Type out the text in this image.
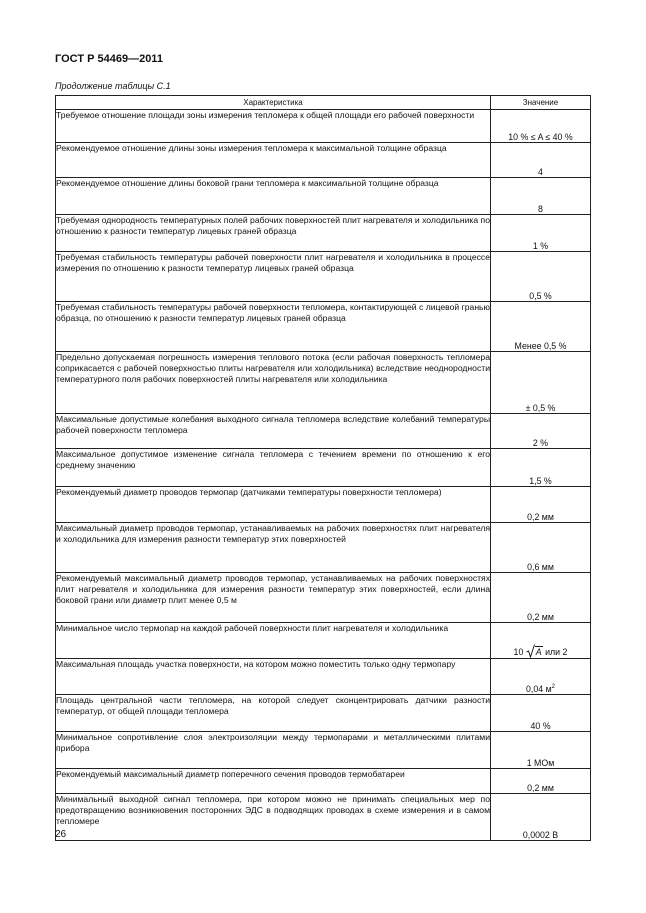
ГОСТ Р 54469—2011
Продолжение таблицы С.1
Характеристика	Значение
Требуемое отношение площади зоны измерения тепломера к общей площади его рабочей поверхности	10 % ≤ A ≤ 40 %
Рекомендуемое отношение длины зоны измерения тепломера к максимальной толщине образца	4
Рекомендуемое отношение длины боковой грани тепломера к максимальной толщине образца	8
Требуемая однородность температурных полей рабочих поверхностей плит нагревателя и холодильника по отношению к разности температур лицевых граней образца	1 %
Требуемая стабильность температуры рабочей поверхности плит нагревателя и холодильника в процессе измерения по отношению к разности температур лицевых граней образца	0,5 %
Требуемая стабильность температуры рабочей поверхности тепломера, контактирующей с лицевой гранью образца, по отношению к разности температур лицевых граней образца	Менее 0,5 %
Предельно допускаемая погрешность измерения теплового потока (если рабочая поверхность тепломера соприкасается с рабочей поверхностью плиты нагревателя или холодильника) вследствие неоднородности температурного поля рабочих поверхностей плиты нагревателя или холодильника	± 0,5 %
Максимальные допустимые колебания выходного сигнала тепломера вследствие колебаний температуры рабочей поверхности тепломера	2 %
Максимальное допустимое изменение сигнала тепломера с течением времени по отношению к его среднему значению	1,5 %
Рекомендуемый диаметр проводов термопар (датчиками температуры поверхности тепломера)	0,2 мм
Максимальный диаметр проводов термопар, устанавливаемых на рабочих поверхностях плит нагревателя и холодильника для измерения разности температур этих поверхностей	0,6 мм
Рекомендуемый максимальный диаметр проводов термопар, устанавливаемых на рабочих поверхностях плит нагревателя и холодильника для измерения разности температур этих поверхностей, если длина боковой грани или диаметр плит менее 0,5 м	0,2 мм
Минимальное число термопар на каждой рабочей поверхности плит нагревателя и холодильника	10 A или 2
Максимальная площадь участка поверхности, на котором можно поместить только одну термопару	0,04 $м^2$
Площадь центральной части тепломера, на которой следует сконцентрировать датчики разности температур, от общей площади тепломера	40 %
Минимальное сопротивление слоя электроизоляции между термопарами и металлическими плитами прибора	1 МОм
Рекомендуемый максимальный диаметр поперечного сечения проводов термобатареи	0,2 мм
Минимальный выходной сигнал тепломера, при котором можно не принимать специальных мер по предотвращению возникновения посторонних ЭДС в подводящих проводах в схеме измерения и в самом тепломере	0,0002 В
26
